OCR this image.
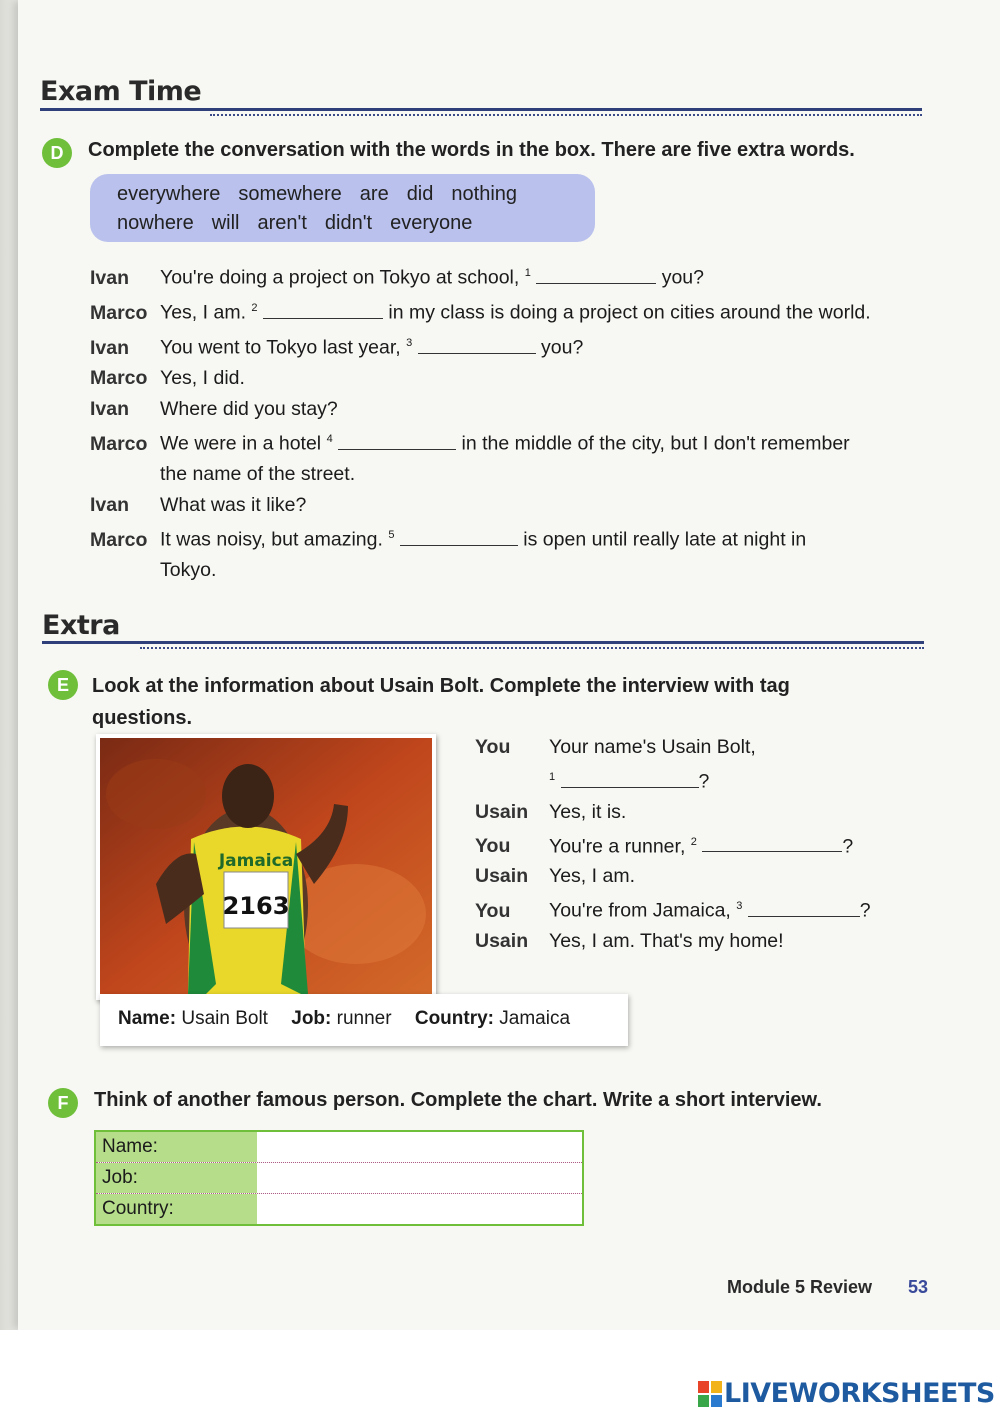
Exam Time
D	Complete the conversation with the words in the box. There are five extra words.
everywhere somewhere are did nothing
nowhere will aren't didn't everyone
Ivan You're doing a project on Tokyo at school, $^1$	you?
Marco Yes, I am. $^2$	in my class is doing a project on cities around the world.
Ivan You went to Tokyo last year, $^3$	you?
Marco Yes, I did.
Ivan Where did you stay?
Marco We were in a hotel $^4$	in the middle of the city, but I don't remember
the name of the street.
Ivan What was it like?
Marco It was noisy, but amazing. $^5$	is open until really late at night in
Tokyo.
Extra
E	Look at the information about Usain Bolt. Complete the interview with tag
questions.
Jamaica
2163
Name: Usain Bolt Job: runner Country: Jamaica
You Your name's Usain Bolt,
$^1$	?
Usain Yes, it is.
You You're a runner, $^2$	?
Usain Yes, I am.
You You're from Jamaica, $^3$	?
Usain Yes, I am. That's my home!
F	Think of another famous person. Complete the chart. Write a short interview.
Name:
Job:
Country:
Module 5 Review 53
LIVEWORKSHEETS
